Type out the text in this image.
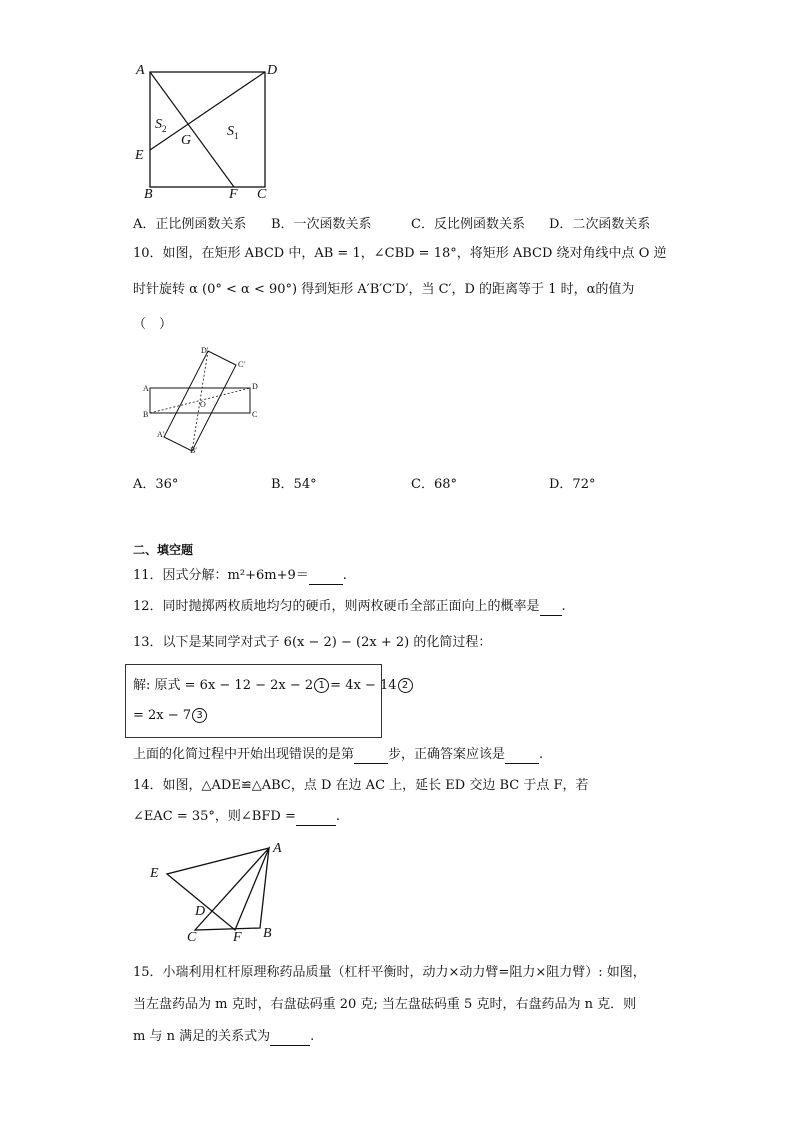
A	D
$S_2$
G
$S_1$
E
B	F C
A．正比例函数关系 B．一次函数关系	C．反比例函数关系 D．二次函数关系
10．如图，在矩形 ABCD 中，AB = 1，∠CBD = 18°，将矩形 ABCD 绕对角线中点 O 逆
时针旋转 α (0° < α < 90°) 得到矩形 A′B′C′D′，当 C′，D 的距离等于 1 时，α的值为
（　）
D′
C′
A	D
O
B	C
A′
B′
A．36°	B．54°	C．68°	D．72°
二、填空题
11．因式分解：m²+6m+9＝	.
12．同时抛掷两枚质地均匀的硬币，则两枚硬币全部正面向上的概率是 .
13．以下是某同学对式子 6(x − 2) − (2x + 2) 的化简过程：
解: 原式 = 6x − 12 − 2x − 2 1 = 4x − 14 2
= 2x − 7 3
上面的化简过程中开始出现错误的是第	步，正确答案应该是	.
14．如图，△ADE≌△ABC，点 D 在边 AC 上，延长 ED 交边 BC 于点 F，若
∠EAC = 35°，则∠BFD =	.
A
E
D
C	F B
15．小瑞利用杠杆原理称药品质量（杠杆平衡时，动力×动力臂=阻力×阻力臂）: 如图，
当左盘药品为 m 克时，右盘砝码重 20 克; 当左盘砝码重 5 克时，右盘药品为 n 克．则
m 与 n 满足的关系式为	.
